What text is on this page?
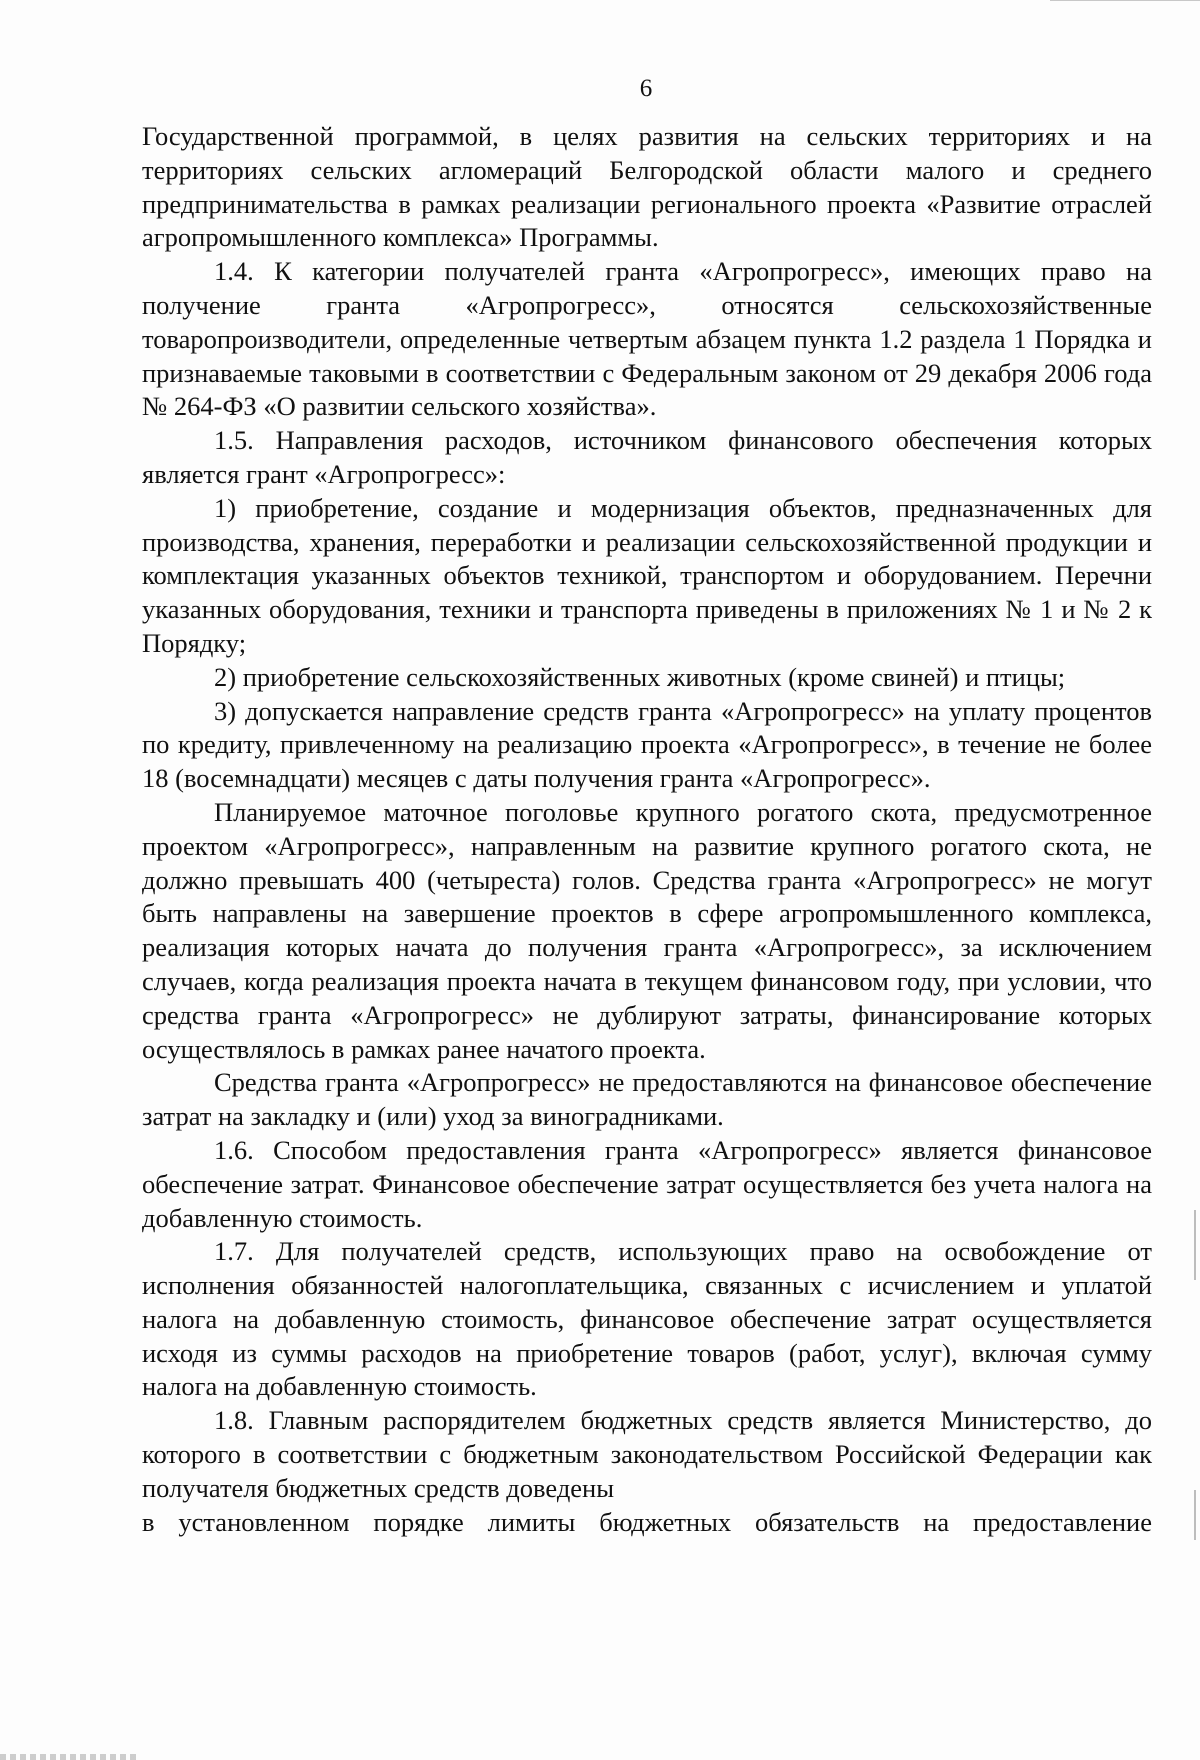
6

Государственной программой, в целях развития на сельских территориях и на территориях сельских агломераций Белгородской области малого и среднего предпринимательства в рамках реализации регионального проекта «Развитие отраслей агропромышленного комплекса» Программы.

1.4. К категории получателей гранта «Агропрогресс», имеющих право на получение гранта «Агропрогресс», относятся сельскохозяйственные товаропроизводители, определенные четвертым абзацем пункта 1.2 раздела 1 Порядка и признаваемые таковыми в соответствии с Федеральным законом от 29 декабря 2006 года № 264-ФЗ «О развитии сельского хозяйства».

1.5. Направления расходов, источником финансового обеспечения которых является грант «Агропрогресс»:

1) приобретение, создание и модернизация объектов, предназначенных для производства, хранения, переработки и реализации сельскохозяйственной продукции и комплектация указанных объектов техникой, транспортом и оборудованием. Перечни указанных оборудования, техники и транспорта приведены в приложениях № 1 и № 2 к Порядку;

2) приобретение сельскохозяйственных животных (кроме свиней) и птицы;

3) допускается направление средств гранта «Агропрогресс» на уплату процентов по кредиту, привлеченному на реализацию проекта «Агропрогресс», в течение не более 18 (восемнадцати) месяцев с даты получения гранта «Агропрогресс».

Планируемое маточное поголовье крупного рогатого скота, предусмотренное проектом «Агропрогресс», направленным на развитие крупного рогатого скота, не должно превышать 400 (четыреста) голов. Средства гранта «Агропрогресс» не могут быть направлены на завершение проектов в сфере агропромышленного комплекса, реализация которых начата до получения гранта «Агропрогресс», за исключением случаев, когда реализация проекта начата в текущем финансовом году, при условии, что средства гранта «Агропрогресс» не дублируют затраты, финансирование которых осуществлялось в рамках ранее начатого проекта.

Средства гранта «Агропрогресс» не предоставляются на финансовое обеспечение затрат на закладку и (или) уход за виноградниками.

1.6. Способом предоставления гранта «Агропрогресс» является финансовое обеспечение затрат. Финансовое обеспечение затрат осуществляется без учета налога на добавленную стоимость.

1.7. Для получателей средств, использующих право на освобождение от исполнения обязанностей налогоплательщика, связанных с исчислением и уплатой налога на добавленную стоимость, финансовое обеспечение затрат осуществляется исходя из суммы расходов на приобретение товаров (работ, услуг), включая сумму налога на добавленную стоимость.

1.8. Главным распорядителем бюджетных средств является Министерство, до которого в соответствии с бюджетным законодательством Российской Федерации как получателя бюджетных средств доведены

в установленном порядке лимиты бюджетных обязательств на предоставление
